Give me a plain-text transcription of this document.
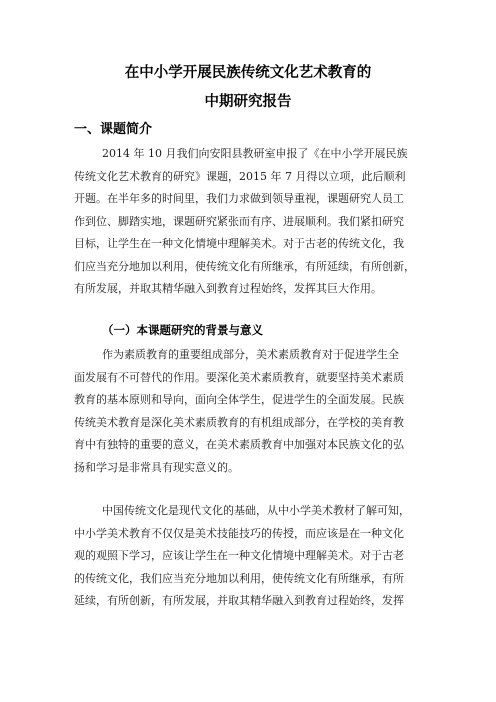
在中小学开展民族传统文化艺术教育的
中期研究报告
一、课题简介
2014 年 10 月我们向安阳县教研室申报了《在中小学开展民族
传统文化艺术教育的研究》课题，2015 年 7 月得以立项，此后顺利
开题。在半年多的时间里，我们力求做到领导重视，课题研究人员工
作到位、脚踏实地，课题研究紧张而有序、进展顺利。我们紧扣研究
目标，让学生在一种文化情境中理解美术。对于古老的传统文化，我
们应当充分地加以利用，使传统文化有所继承，有所延续，有所创新，
有所发展，并取其精华融入到教育过程始终，发挥其巨大作用。
（一）本课题研究的背景与意义
作为素质教育的重要组成部分，美术素质教育对于促进学生全
面发展有不可替代的作用。要深化美术素质教育，就要坚持美术素质
教育的基本原则和导向，面向全体学生，促进学生的全面发展。民族
传统美术教育是深化美术素质教育的有机组成部分，在学校的美育教
育中有独特的重要的意义，在美术素质教育中加强对本民族文化的弘
扬和学习是非常具有现实意义的。
中国传统文化是现代文化的基础，从中小学美术教材了解可知，
中小学美术教育不仅仅是美术技能技巧的传授，而应该是在一种文化
观的观照下学习，应该让学生在一种文化情境中理解美术。对于古老
的传统文化，我们应当充分地加以利用，使传统文化有所继承，有所
延续，有所创新，有所发展，并取其精华融入到教育过程始终，发挥
